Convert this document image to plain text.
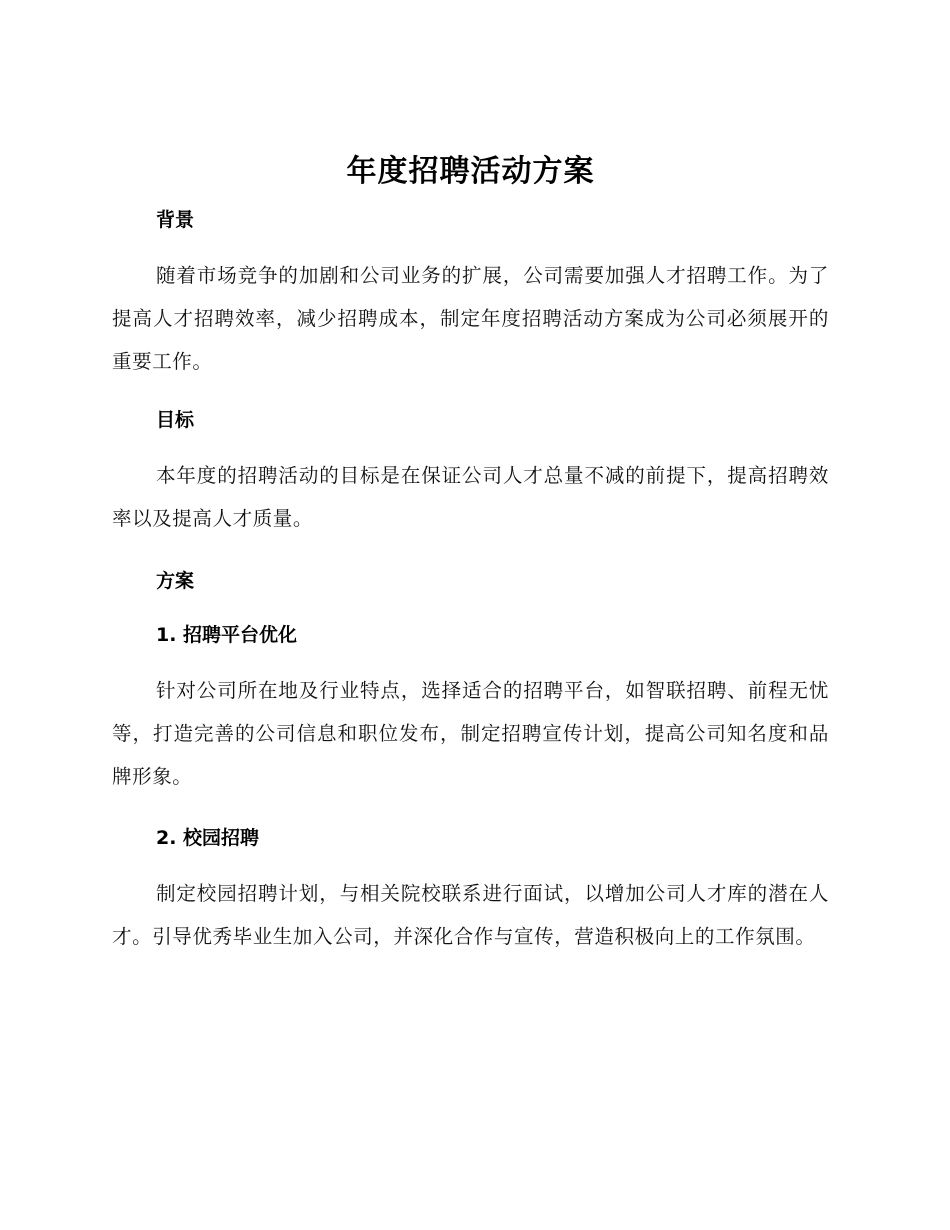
年度招聘活动方案
背景

随着市场竞争的加剧和公司业务的扩展，公司需要加强人才招聘工作。为了提高人才招聘效率，减少招聘成本，制定年度招聘活动方案成为公司必须展开的重要工作。

目标

本年度的招聘活动的目标是在保证公司人才总量不减的前提下，提高招聘效率以及提高人才质量。

方案
1. 招聘平台优化

针对公司所在地及行业特点，选择适合的招聘平台，如智联招聘、前程无忧等，打造完善的公司信息和职位发布，制定招聘宣传计划，提高公司知名度和品牌形象。

2. 校园招聘

制定校园招聘计划，与相关院校联系进行面试，以增加公司人才库的潜在人才。引导优秀毕业生加入公司，并深化合作与宣传，营造积极向上的工作氛围。
